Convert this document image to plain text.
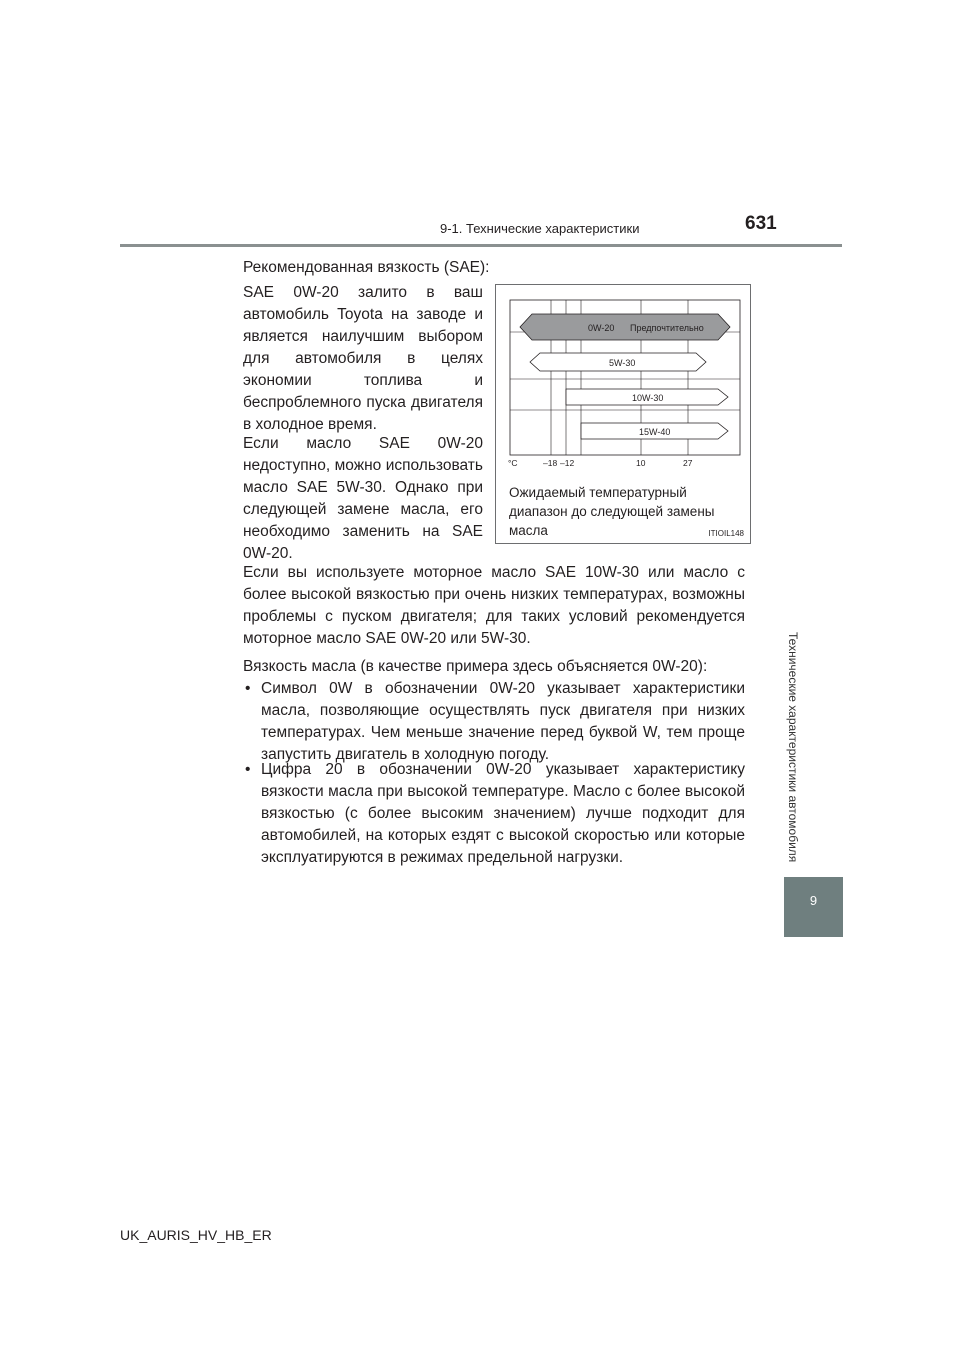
9-1. Технические характеристики	631
Технические характеристики автомобиля
9

Рекомендованная вязкость (SAE):

SAE 0W-20 залито в ваш автомобиль Toyota на заводе и является наилучшим выбором для автомобиля в целях экономии топлива и беспроблемного пуска двигателя в холодное время.

Если масло SAE 0W-20 недоступно, можно использовать масло SAE 5W-30. Однако при следующей замене масла, его необходимо заменить на SAE 0W-20.

Если вы используете моторное масло SAE 10W-30 или масло с более высокой вязкостью при очень низких температурах, возможны проблемы с пуском двигателя; для таких условий рекомендуется моторное масло SAE 0W-20 или 5W-30.

Вязкость масла (в качестве примера здесь объясняется 0W-20):

• Символ 0W в обозначении 0W-20 указывает характеристики масла, позволяющие осуществлять пуск двигателя при низких температурах. Чем меньше значение перед буквой W, тем проще запустить двигатель в холодную погоду.
• Цифра 20 в обозначении 0W-20 указывает характеристику вязкости масла при высокой температуре. Масло с более высокой вязкостью (с более высоким значением) лучше подходит для автомобилей, на которых ездят с высокой скоростью или которые эксплуатируются в режимах предельной нагрузки.
0W-20 Предпочтительно
5W-30
10W-30
15W-40
°C	–18 –12	10	27
Ожидаемый температурный диапазон до следующей замены масла	ITIOIL148
UK_AURIS_HV_HB_ER
